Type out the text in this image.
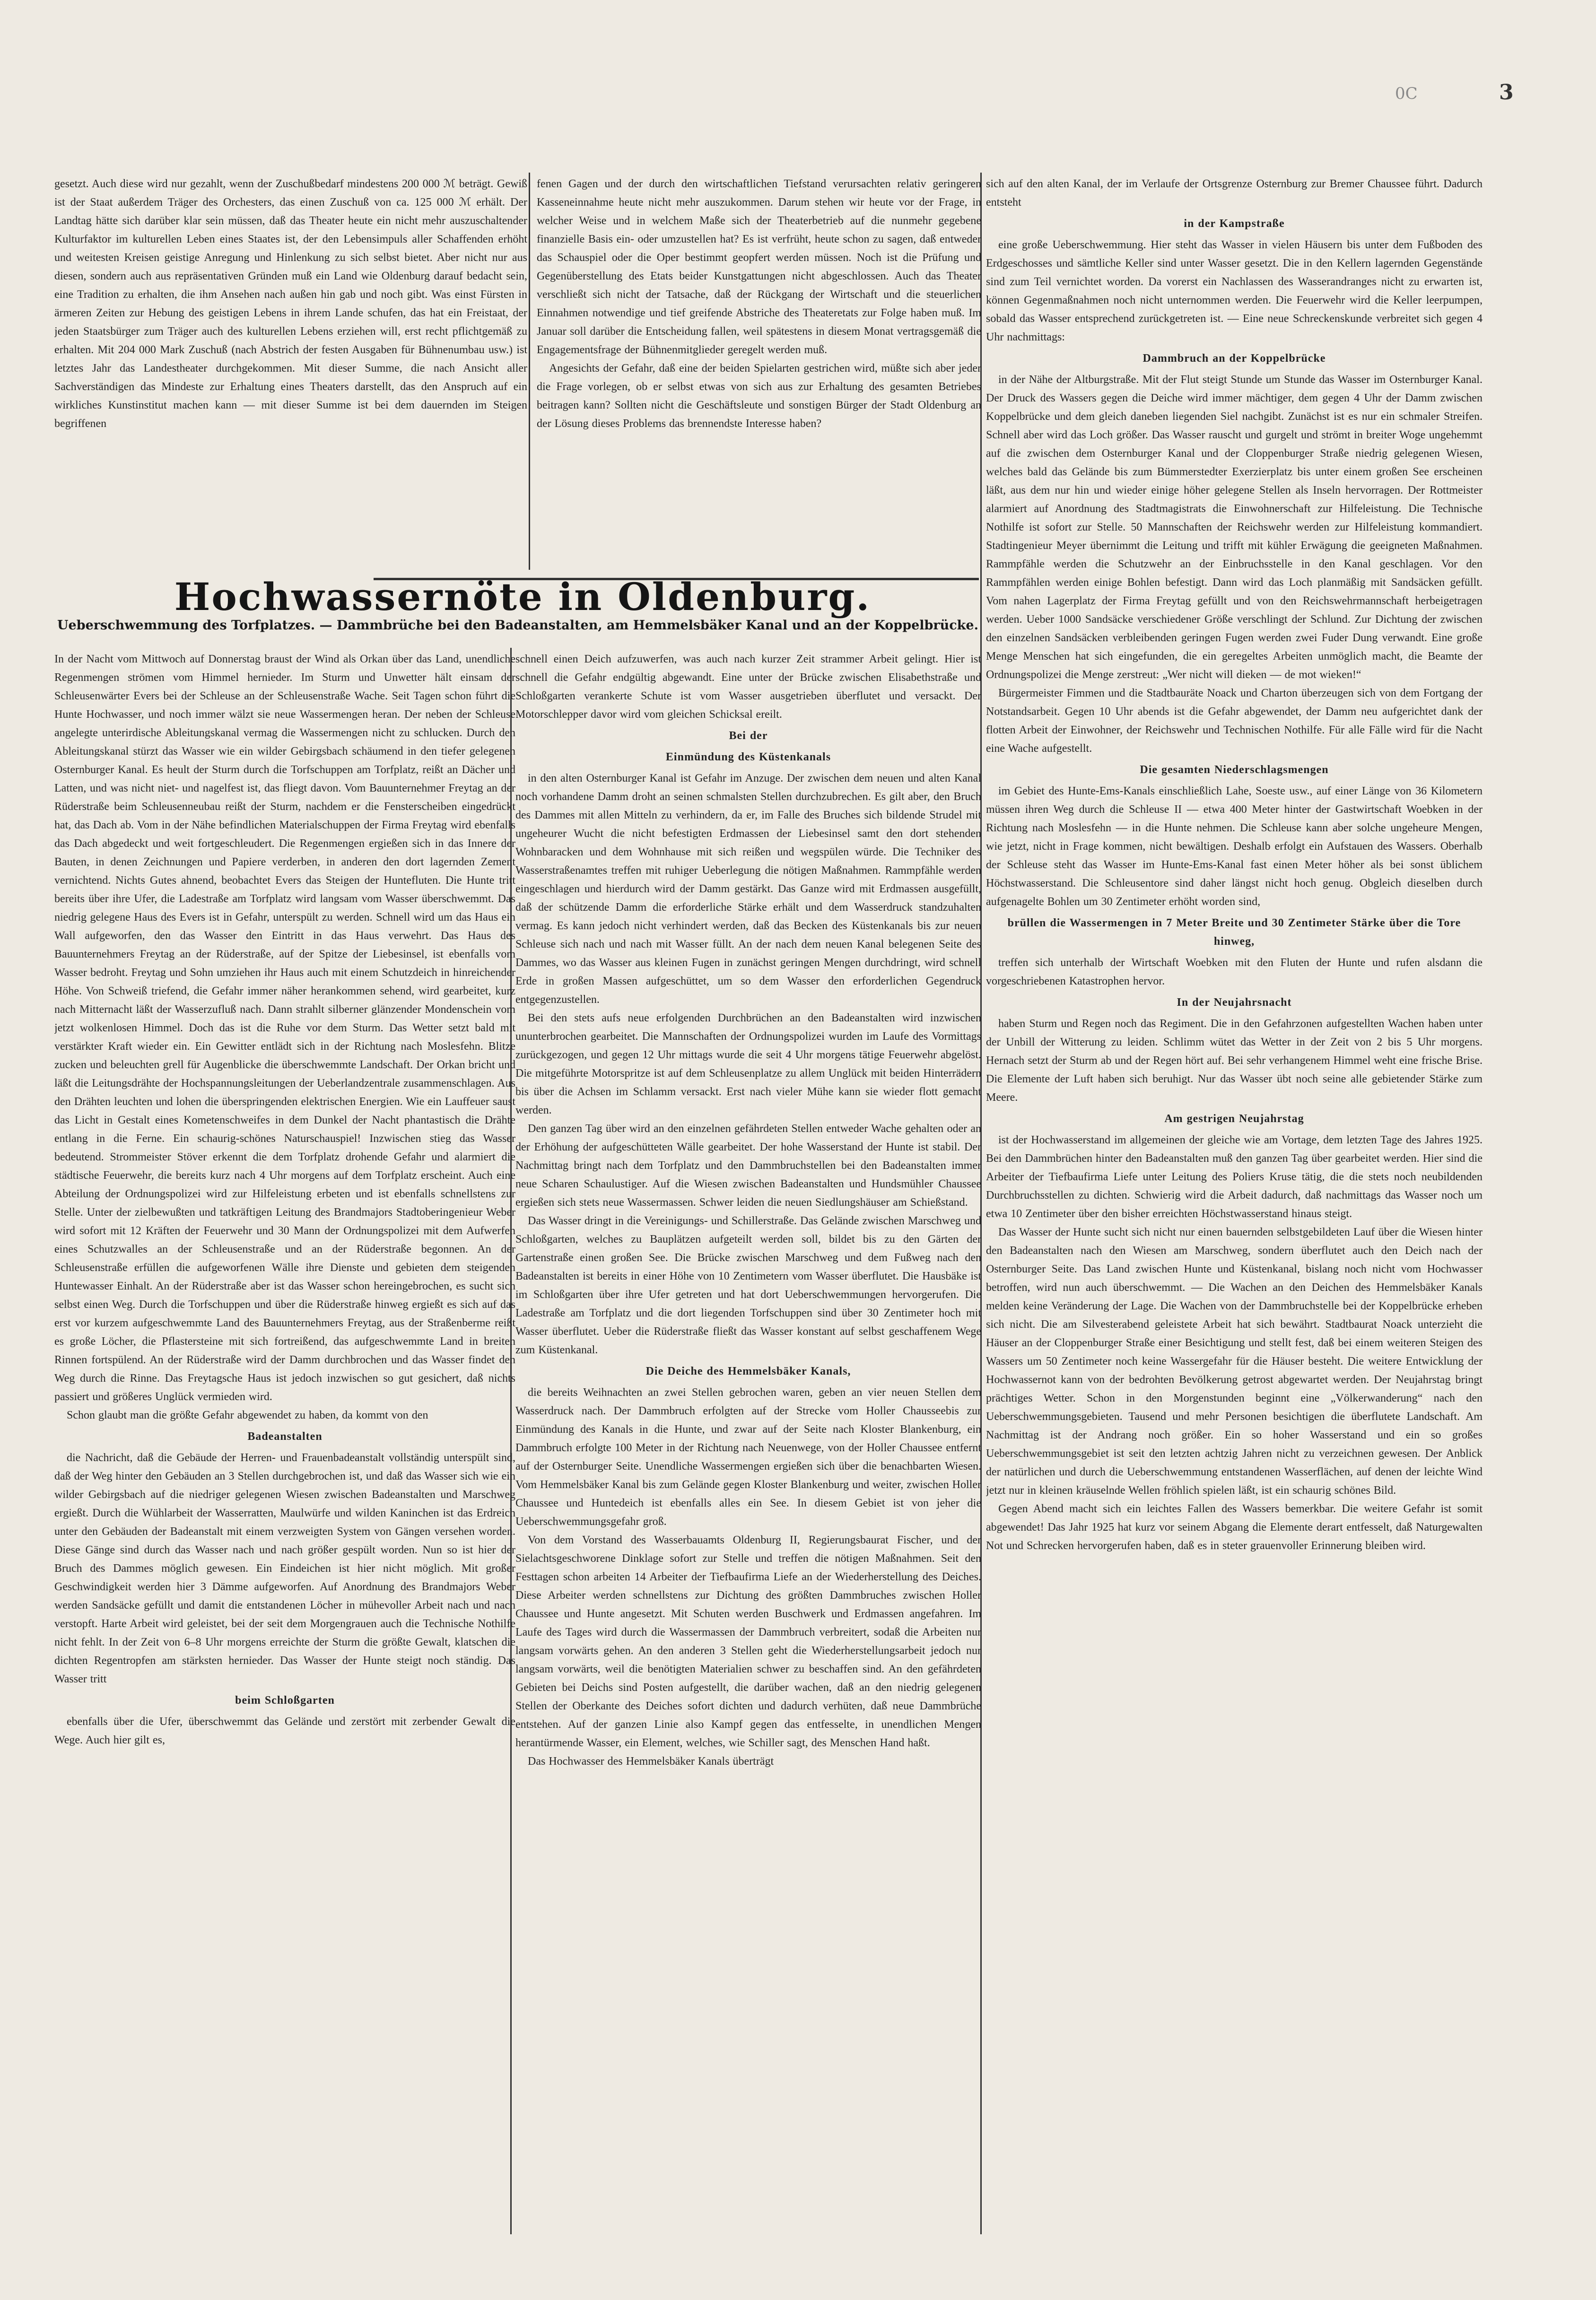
0C	3

gesetzt. Auch diese wird nur gezahlt, wenn der Zuschußbedarf mindestens 200 000 ℳ beträgt. Gewiß ist der Staat außerdem Träger des Orchesters, das einen Zuschuß von ca. 125 000 ℳ erhält. Der Landtag hätte sich darüber klar sein müssen, daß das Theater heute ein nicht mehr auszuschaltender Kulturfaktor im kulturellen Leben eines Staates ist, der den Lebensimpuls aller Schaffenden erhöht und weitesten Kreisen geistige Anregung und Hinlenkung zu sich selbst bietet. Aber nicht nur aus diesen, sondern auch aus repräsentativen Gründen muß ein Land wie Oldenburg darauf bedacht sein, eine Tradition zu erhalten, die ihm Ansehen nach außen hin gab und noch gibt. Was einst Fürsten in ärmeren Zeiten zur Hebung des geistigen Lebens in ihrem Lande schufen, das hat ein Freistaat, der jeden Staatsbürger zum Träger auch des kulturellen Lebens erziehen will, erst recht pflichtgemäß zu erhalten. Mit 204 000 Mark Zuschuß (nach Abstrich der festen Ausgaben für Bühnenumbau usw.) ist letztes Jahr das Landestheater durchgekommen. Mit dieser Summe, die nach Ansicht aller Sachverständigen das Mindeste zur Erhaltung eines Theaters darstellt, das den Anspruch auf ein wirkliches Kunstinstitut machen kann — mit dieser Summe ist bei dem dauernden im Steigen begriffenen

fenen Gagen und der durch den wirtschaftlichen Tiefstand verursachten relativ geringeren Kasseneinnahme heute nicht mehr auszukommen. Darum stehen wir heute vor der Frage, in welcher Weise und in welchem Maße sich der Theaterbetrieb auf die nunmehr gegebene finanzielle Basis ein- oder umzustellen hat? Es ist verfrüht, heute schon zu sagen, daß entweder das Schauspiel oder die Oper bestimmt geopfert werden müssen. Noch ist die Prüfung und Gegenüberstellung des Etats beider Kunstgattungen nicht abgeschlossen. Auch das Theater verschließt sich nicht der Tatsache, daß der Rückgang der Wirtschaft und die steuerlichen Einnahmen notwendige und tief greifende Abstriche des Theateretats zur Folge haben muß. Im Januar soll darüber die Entscheidung fallen, weil spätestens in diesem Monat vertragsgemäß die Engagementsfrage der Bühnenmitglieder geregelt werden muß.

Angesichts der Gefahr, daß eine der beiden Spielarten gestrichen wird, müßte sich aber jeder die Frage vorlegen, ob er selbst etwas von sich aus zur Erhaltung des gesamten Betriebes beitragen kann? Sollten nicht die Geschäftsleute und sonstigen Bürger der Stadt Oldenburg an der Lösung dieses Problems das brennendste Interesse haben?

Hochwassernöte in Oldenburg.
Ueberschwemmung des Torfplatzes. — Dammbrüche bei den Badeanstalten, am Hemmelsbäker Kanal und an der Koppelbrücke.

In der Nacht vom Mittwoch auf Donnerstag braust der Wind als Orkan über das Land, unendliche Regenmengen strömen vom Himmel hernieder. Im Sturm und Unwetter hält einsam der Schleusenwärter Evers bei der Schleuse an der Schleusenstraße Wache. Seit Tagen schon führt die Hunte Hochwasser, und noch immer wälzt sie neue Wassermengen heran. Der neben der Schleuse angelegte unterirdische Ableitungskanal vermag die Wassermengen nicht zu schlucken. Durch den Ableitungskanal stürzt das Wasser wie ein wilder Gebirgsbach schäumend in den tiefer gelegenen Osternburger Kanal. Es heult der Sturm durch die Torfschuppen am Torfplatz, reißt an Dächer und Latten, und was nicht niet- und nagelfest ist, das fliegt davon. Vom Bauunternehmer Freytag an der Rüderstraße beim Schleusenneubau reißt der Sturm, nachdem er die Fensterscheiben eingedrückt hat, das Dach ab. Vom in der Nähe befindlichen Materialschuppen der Firma Freytag wird ebenfalls das Dach abgedeckt und weit fortgeschleudert. Die Regenmengen ergießen sich in das Innere der Bauten, in denen Zeichnungen und Papiere verderben, in anderen den dort lagernden Zement vernichtend. Nichts Gutes ahnend, beobachtet Evers das Steigen der Huntefluten. Die Hunte tritt bereits über ihre Ufer, die Ladestraße am Torfplatz wird langsam vom Wasser überschwemmt. Das niedrig gelegene Haus des Evers ist in Gefahr, unterspült zu werden. Schnell wird um das Haus ein Wall aufgeworfen, den das Wasser den Eintritt in das Haus verwehrt. Das Haus des Bauunternehmers Freytag an der Rüderstraße, auf der Spitze der Liebesinsel, ist ebenfalls vom Wasser bedroht. Freytag und Sohn umziehen ihr Haus auch mit einem Schutzdeich in hinreichender Höhe. Von Schweiß triefend, die Gefahr immer näher herankommen sehend, wird gearbeitet, kurz nach Mitternacht läßt der Wasserzufluß nach. Dann strahlt silberner glänzender Mondenschein vom jetzt wolkenlosen Himmel. Doch das ist die Ruhe vor dem Sturm. Das Wetter setzt bald mit verstärkter Kraft wieder ein. Ein Gewitter entlädt sich in der Richtung nach Moslesfehn. Blitze zucken und beleuchten grell für Augenblicke die überschwemmte Landschaft. Der Orkan bricht und läßt die Leitungsdrähte der Hochspannungsleitungen der Ueberlandzentrale zusammenschlagen. Aus den Drähten leuchten und lohen die überspringenden elektrischen Energien. Wie ein Lauffeuer saust das Licht in Gestalt eines Kometenschweifes in dem Dunkel der Nacht phantastisch die Drähte entlang in die Ferne. Ein schaurig-schönes Naturschauspiel! Inzwischen stieg das Wasser bedeutend. Strommeister Stöver erkennt die dem Torfplatz drohende Gefahr und alarmiert die städtische Feuerwehr, die bereits kurz nach 4 Uhr morgens auf dem Torfplatz erscheint. Auch eine Abteilung der Ordnungspolizei wird zur Hilfeleistung erbeten und ist ebenfalls schnellstens zur Stelle. Unter der zielbewußten und tatkräftigen Leitung des Brandmajors Stadtoberingenieur Weber wird sofort mit 12 Kräften der Feuerwehr und 30 Mann der Ordnungspolizei mit dem Aufwerfen eines Schutzwalles an der Schleusenstraße und an der Rüderstraße begonnen. An der Schleusenstraße erfüllen die aufgeworfenen Wälle ihre Dienste und gebieten dem steigenden Huntewasser Einhalt. An der Rüderstraße aber ist das Wasser schon hereingebrochen, es sucht sich selbst einen Weg. Durch die Torfschuppen und über die Rüderstraße hinweg ergießt es sich auf das erst vor kurzem aufgeschwemmte Land des Bauunternehmers Freytag, aus der Straßenberme reißt es große Löcher, die Pflastersteine mit sich fortreißend, das aufgeschwemmte Land in breiten Rinnen fortspülend. An der Rüderstraße wird der Damm durchbrochen und das Wasser findet den Weg durch die Rinne. Das Freytagsche Haus ist jedoch inzwischen so gut gesichert, daß nichts passiert und größeres Unglück vermieden wird.

Schon glaubt man die größte Gefahr abgewendet zu haben, da kommt von den

Badeanstalten

die Nachricht, daß die Gebäude der Herren- und Frauenbadeanstalt vollständig unterspült sind, daß der Weg hinter den Gebäuden an 3 Stellen durchgebrochen ist, und daß das Wasser sich wie ein wilder Gebirgsbach auf die niedriger gelegenen Wiesen zwischen Badeanstalten und Marschweg ergießt. Durch die Wühlarbeit der Wasserratten, Maulwürfe und wilden Kaninchen ist das Erdreich unter den Gebäuden der Badeanstalt mit einem verzweigten System von Gängen versehen worden. Diese Gänge sind durch das Wasser nach und nach größer gespült worden. Nun so ist hier der Bruch des Dammes möglich gewesen. Ein Eindeichen ist hier nicht möglich. Mit großer Geschwindigkeit werden hier 3 Dämme aufgeworfen. Auf Anordnung des Brandmajors Weber werden Sandsäcke gefüllt und damit die entstandenen Löcher in mühevoller Arbeit nach und nach verstopft. Harte Arbeit wird geleistet, bei der seit dem Morgengrauen auch die Technische Nothilfe nicht fehlt. In der Zeit von 6–8 Uhr morgens erreichte der Sturm die größte Gewalt, klatschen die dichten Regentropfen am stärksten hernieder. Das Wasser der Hunte steigt noch ständig. Das Wasser tritt

beim Schloßgarten

ebenfalls über die Ufer, überschwemmt das Gelände und zerstört mit zerbender Gewalt die Wege. Auch hier gilt es,

schnell einen Deich aufzuwerfen, was auch nach kurzer Zeit strammer Arbeit gelingt. Hier ist schnell die Gefahr endgültig abgewandt. Eine unter der Brücke zwischen Elisabethstraße und Schloßgarten verankerte Schute ist vom Wasser ausgetrieben überflutet und versackt. Der Motorschlepper davor wird vom gleichen Schicksal ereilt.

Bei der

Einmündung des Küstenkanals

in den alten Osternburger Kanal ist Gefahr im Anzuge. Der zwischen dem neuen und alten Kanal noch vorhandene Damm droht an seinen schmalsten Stellen durchzubrechen. Es gilt aber, den Bruch des Dammes mit allen Mitteln zu verhindern, da er, im Falle des Bruches sich bildende Strudel mit ungeheurer Wucht die nicht befestigten Erdmassen der Liebesinsel samt den dort stehenden Wohnbaracken und dem Wohnhause mit sich reißen und wegspülen würde. Die Techniker des Wasserstraßenamtes treffen mit ruhiger Ueberlegung die nötigen Maßnahmen. Rammpfähle werden eingeschlagen und hierdurch wird der Damm gestärkt. Das Ganze wird mit Erdmassen ausgefüllt, daß der schützende Damm die erforderliche Stärke erhält und dem Wasserdruck standzuhalten vermag. Es kann jedoch nicht verhindert werden, daß das Becken des Küstenkanals bis zur neuen Schleuse sich nach und nach mit Wasser füllt. An der nach dem neuen Kanal belegenen Seite des Dammes, wo das Wasser aus kleinen Fugen in zunächst geringen Mengen durchdringt, wird schnell Erde in großen Massen aufgeschüttet, um so dem Wasser den erforderlichen Gegendruck entgegenzustellen.

Bei den stets aufs neue erfolgenden Durchbrüchen an den Badeanstalten wird inzwischen ununterbrochen gearbeitet. Die Mannschaften der Ordnungspolizei wurden im Laufe des Vormittags zurückgezogen, und gegen 12 Uhr mittags wurde die seit 4 Uhr morgens tätige Feuerwehr abgelöst. Die mitgeführte Motorspritze ist auf dem Schleusenplatze zu allem Unglück mit beiden Hinterrädern bis über die Achsen im Schlamm versackt. Erst nach vieler Mühe kann sie wieder flott gemacht werden.

Den ganzen Tag über wird an den einzelnen gefährdeten Stellen entweder Wache gehalten oder an der Erhöhung der aufgeschütteten Wälle gearbeitet. Der hohe Wasserstand der Hunte ist stabil. Der Nachmittag bringt nach dem Torfplatz und den Dammbruchstellen bei den Badeanstalten immer neue Scharen Schaulustiger. Auf die Wiesen zwischen Badeanstalten und Hundsmühler Chaussee ergießen sich stets neue Wassermassen. Schwer leiden die neuen Siedlungshäuser am Schießstand.

Das Wasser dringt in die Vereinigungs- und Schillerstraße. Das Gelände zwischen Marschweg und Schloßgarten, welches zu Bauplätzen aufgeteilt werden soll, bildet bis zu den Gärten der Gartenstraße einen großen See. Die Brücke zwischen Marschweg und dem Fußweg nach den Badeanstalten ist bereits in einer Höhe von 10 Zentimetern vom Wasser überflutet. Die Hausbäke ist im Schloßgarten über ihre Ufer getreten und hat dort Ueberschwemmungen hervorgerufen. Die Ladestraße am Torfplatz und die dort liegenden Torfschuppen sind über 30 Zentimeter hoch mit Wasser überflutet. Ueber die Rüderstraße fließt das Wasser konstant auf selbst geschaffenem Wege zum Küstenkanal.

Die Deiche des Hemmelsbäker Kanals,

die bereits Weihnachten an zwei Stellen gebrochen waren, geben an vier neuen Stellen dem Wasserdruck nach. Der Dammbruch erfolgten auf der Strecke vom Holler Chausseebis zur Einmündung des Kanals in die Hunte, und zwar auf der Seite nach Kloster Blankenburg, ein Dammbruch erfolgte 100 Meter in der Richtung nach Neuenwege, von der Holler Chaussee entfernt auf der Osternburger Seite. Unendliche Wassermengen ergießen sich über die benachbarten Wiesen. Vom Hemmelsbäker Kanal bis zum Gelände gegen Kloster Blankenburg und weiter, zwischen Holler Chaussee und Huntedeich ist ebenfalls alles ein See. In diesem Gebiet ist von jeher die Ueberschwemmungsgefahr groß.

Von dem Vorstand des Wasserbauamts Oldenburg II, Regierungsbaurat Fischer, und der Sielachtsgeschworene Dinklage sofort zur Stelle und treffen die nötigen Maßnahmen. Seit den Festtagen schon arbeiten 14 Arbeiter der Tiefbaufirma Liefe an der Wiederherstellung des Deiches. Diese Arbeiter werden schnellstens zur Dichtung des größten Dammbruches zwischen Holler Chaussee und Hunte angesetzt. Mit Schuten werden Buschwerk und Erdmassen angefahren. Im Laufe des Tages wird durch die Wassermassen der Dammbruch verbreitert, sodaß die Arbeiten nur langsam vorwärts gehen. An den anderen 3 Stellen geht die Wiederherstellungsarbeit jedoch nur langsam vorwärts, weil die benötigten Materialien schwer zu beschaffen sind. An den gefährdeten Gebieten bei Deichs sind Posten aufgestellt, die darüber wachen, daß an den niedrig gelegenen Stellen der Oberkante des Deiches sofort dichten und dadurch verhüten, daß neue Dammbrüche entstehen. Auf der ganzen Linie also Kampf gegen das entfesselte, in unendlichen Mengen herantürmende Wasser, ein Element, welches, wie Schiller sagt, des Menschen Hand haßt.

Das Hochwasser des Hemmelsbäker Kanals überträgt

sich auf den alten Kanal, der im Verlaufe der Ortsgrenze Osternburg zur Bremer Chaussee führt. Dadurch entsteht

in der Kampstraße

eine große Ueberschwemmung. Hier steht das Wasser in vielen Häusern bis unter dem Fußboden des Erdgeschosses und sämtliche Keller sind unter Wasser gesetzt. Die in den Kellern lagernden Gegenstände sind zum Teil vernichtet worden. Da vorerst ein Nachlassen des Wasserandranges nicht zu erwarten ist, können Gegenmaßnahmen noch nicht unternommen werden. Die Feuerwehr wird die Keller leerpumpen, sobald das Wasser entsprechend zurückgetreten ist. — Eine neue Schreckenskunde verbreitet sich gegen 4 Uhr nachmittags:

Dammbruch an der Koppelbrücke

in der Nähe der Altburgstraße. Mit der Flut steigt Stunde um Stunde das Wasser im Osternburger Kanal. Der Druck des Wassers gegen die Deiche wird immer mächtiger, dem gegen 4 Uhr der Damm zwischen Koppelbrücke und dem gleich daneben liegenden Siel nachgibt. Zunächst ist es nur ein schmaler Streifen. Schnell aber wird das Loch größer. Das Wasser rauscht und gurgelt und strömt in breiter Woge ungehemmt auf die zwischen dem Osternburger Kanal und der Cloppenburger Straße niedrig gelegenen Wiesen, welches bald das Gelände bis zum Bümmerstedter Exerzierplatz bis unter einem großen See erscheinen läßt, aus dem nur hin und wieder einige höher gelegene Stellen als Inseln hervorragen. Der Rottmeister alarmiert auf Anordnung des Stadtmagistrats die Einwohnerschaft zur Hilfeleistung. Die Technische Nothilfe ist sofort zur Stelle. 50 Mannschaften der Reichswehr werden zur Hilfeleistung kommandiert. Stadtingenieur Meyer übernimmt die Leitung und trifft mit kühler Erwägung die geeigneten Maßnahmen. Rammpfähle werden die Schutzwehr an der Einbruchsstelle in den Kanal geschlagen. Vor den Rammpfählen werden einige Bohlen befestigt. Dann wird das Loch planmäßig mit Sandsäcken gefüllt. Vom nahen Lagerplatz der Firma Freytag gefüllt und von den Reichswehrmannschaft herbeigetragen werden. Ueber 1000 Sandsäcke verschiedener Größe verschlingt der Schlund. Zur Dichtung der zwischen den einzelnen Sandsäcken verbleibenden geringen Fugen werden zwei Fuder Dung verwandt. Eine große Menge Menschen hat sich eingefunden, die ein geregeltes Arbeiten unmöglich macht, die Beamte der Ordnungspolizei die Menge zerstreut: „Wer nicht will dieken — de mot wieken!“

Bürgermeister Fimmen und die Stadtbauräte Noack und Charton überzeugen sich von dem Fortgang der Notstandsarbeit. Gegen 10 Uhr abends ist die Gefahr abgewendet, der Damm neu aufgerichtet dank der flotten Arbeit der Einwohner, der Reichswehr und Technischen Nothilfe. Für alle Fälle wird für die Nacht eine Wache aufgestellt.

Die gesamten Niederschlagsmengen

im Gebiet des Hunte-Ems-Kanals einschließlich Lahe, Soeste usw., auf einer Länge von 36 Kilometern müssen ihren Weg durch die Schleuse II — etwa 400 Meter hinter der Gastwirtschaft Woebken in der Richtung nach Moslesfehn — in die Hunte nehmen. Die Schleuse kann aber solche ungeheure Mengen, wie jetzt, nicht in Frage kommen, nicht bewältigen. Deshalb erfolgt ein Aufstauen des Wassers. Oberhalb der Schleuse steht das Wasser im Hunte-Ems-Kanal fast einen Meter höher als bei sonst üblichem Höchstwasserstand. Die Schleusentore sind daher längst nicht hoch genug. Obgleich dieselben durch aufgenagelte Bohlen um 30 Zentimeter erhöht worden sind,

brüllen die Wassermengen in 7 Meter Breite und 30 Zentimeter Stärke über die Tore hinweg,

treffen sich unterhalb der Wirtschaft Woebken mit den Fluten der Hunte und rufen alsdann die vorgeschriebenen Katastrophen hervor.

In der Neujahrsnacht

haben Sturm und Regen noch das Regiment. Die in den Gefahrzonen aufgestellten Wachen haben unter der Unbill der Witterung zu leiden. Schlimm wütet das Wetter in der Zeit von 2 bis 5 Uhr morgens. Hernach setzt der Sturm ab und der Regen hört auf. Bei sehr verhangenem Himmel weht eine frische Brise. Die Elemente der Luft haben sich beruhigt. Nur das Wasser übt noch seine alle gebietender Stärke zum Meere.

Am gestrigen Neujahrstag

ist der Hochwasserstand im allgemeinen der gleiche wie am Vortage, dem letzten Tage des Jahres 1925. Bei den Dammbrüchen hinter den Badeanstalten muß den ganzen Tag über gearbeitet werden. Hier sind die Arbeiter der Tiefbaufirma Liefe unter Leitung des Poliers Kruse tätig, die die stets noch neubildenden Durchbruchsstellen zu dichten. Schwierig wird die Arbeit dadurch, daß nachmittags das Wasser noch um etwa 10 Zentimeter über den bisher erreichten Höchstwasserstand hinaus steigt.

Das Wasser der Hunte sucht sich nicht nur einen bauernden selbstgebildeten Lauf über die Wiesen hinter den Badeanstalten nach den Wiesen am Marschweg, sondern überflutet auch den Deich nach der Osternburger Seite. Das Land zwischen Hunte und Küstenkanal, bislang noch nicht vom Hochwasser betroffen, wird nun auch überschwemmt. — Die Wachen an den Deichen des Hemmelsbäker Kanals melden keine Veränderung der Lage. Die Wachen von der Dammbruchstelle bei der Koppelbrücke erheben sich nicht. Die am Silvesterabend geleistete Arbeit hat sich bewährt. Stadtbaurat Noack unterzieht die Häuser an der Cloppenburger Straße einer Besichtigung und stellt fest, daß bei einem weiteren Steigen des Wassers um 50 Zentimeter noch keine Wassergefahr für die Häuser besteht. Die weitere Entwicklung der Hochwassernot kann von der bedrohten Bevölkerung getrost abgewartet werden. Der Neujahrstag bringt prächtiges Wetter. Schon in den Morgenstunden beginnt eine „Völkerwanderung“ nach den Ueberschwemmungsgebieten. Tausend und mehr Personen besichtigen die überflutete Landschaft. Am Nachmittag ist der Andrang noch größer. Ein so hoher Wasserstand und ein so großes Ueberschwemmungsgebiet ist seit den letzten achtzig Jahren nicht zu verzeichnen gewesen. Der Anblick der natürlichen und durch die Ueberschwemmung entstandenen Wasserflächen, auf denen der leichte Wind jetzt nur in kleinen kräuselnde Wellen fröhlich spielen läßt, ist ein schaurig schönes Bild.

Gegen Abend macht sich ein leichtes Fallen des Wassers bemerkbar. Die weitere Gefahr ist somit abgewendet! Das Jahr 1925 hat kurz vor seinem Abgang die Elemente derart entfesselt, daß Naturgewalten Not und Schrecken hervorgerufen haben, daß es in steter grauenvoller Erinnerung bleiben wird.
